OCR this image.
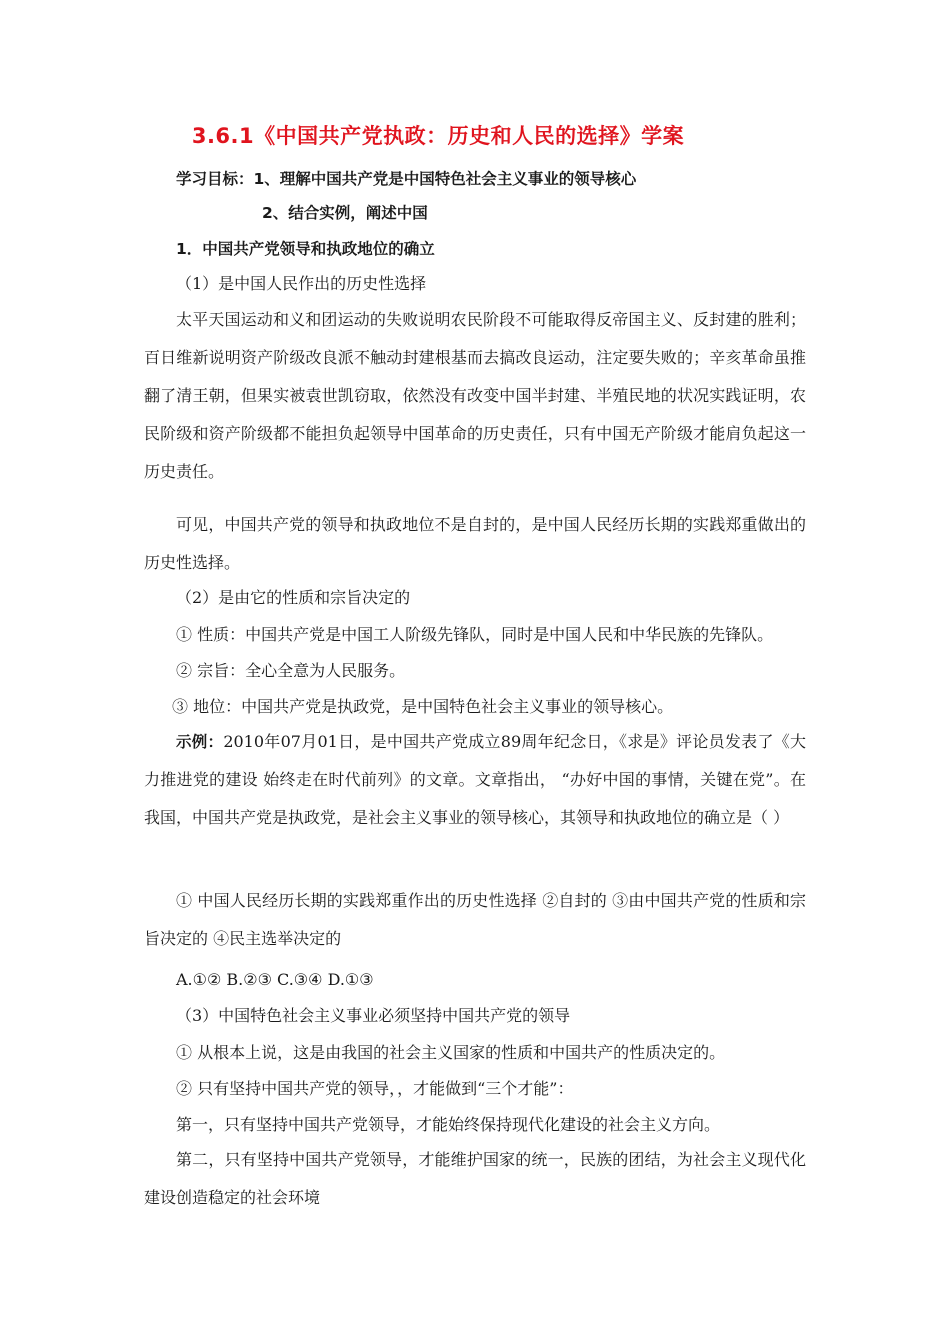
3.6.1《中国共产党执政：历史和人民的选择》学案
学习目标：1、理解中国共产党是中国特色社会主义事业的领导核心
2、结合实例，阐述中国
1．中国共产党领导和执政地位的确立
（1）是中国人民作出的历史性选择
太平天国运动和义和团运动的失败说明农民阶段不可能取得反帝国主义、反封建的胜利；百日维新说明资产阶级改良派不触动封建根基而去搞改良运动，注定要失败的；辛亥革命虽推翻了清王朝，但果实被袁世凯窃取，依然没有改变中国半封建、半殖民地的状况实践证明，农民阶级和资产阶级都不能担负起领导中国革命的历史责任，只有中国无产阶级才能肩负起这一历史责任。
可见，中国共产党的领导和执政地位不是自封的，是中国人民经历长期的实践郑重做出的历史性选择。
（2）是由它的性质和宗旨决定的
① 性质：中国共产党是中国工人阶级先锋队，同时是中国人民和中华民族的先锋队。
② 宗旨：全心全意为人民服务。
③ 地位：中国共产党是执政党，是中国特色社会主义事业的领导核心。
示例：2010年07月01日，是中国共产党成立89周年纪念日，《求是》评论员发表了《大力推进党的建设 始终走在时代前列》的文章。文章指出， “办好中国的事情，关键在党”。在我国，中国共产党是执政党，是社会主义事业的领导核心，其领导和执政地位的确立是（ ）
① 中国人民经历长期的实践郑重作出的历史性选择 ②自封的 ③由中国共产党的性质和宗旨决定的 ④民主选举决定的
A.①② B.②③ C.③④ D.①③
（3）中国特色社会主义事业必须坚持中国共产党的领导
① 从根本上说，这是由我国的社会主义国家的性质和中国共产的性质决定的。
② 只有坚持中国共产党的领导，，才能做到“三个才能”：
第一，只有坚持中国共产党领导，才能始终保持现代化建设的社会主义方向。
第二，只有坚持中国共产党领导，才能维护国家的统一，民族的团结，为社会主义现代化建设创造稳定的社会环境
